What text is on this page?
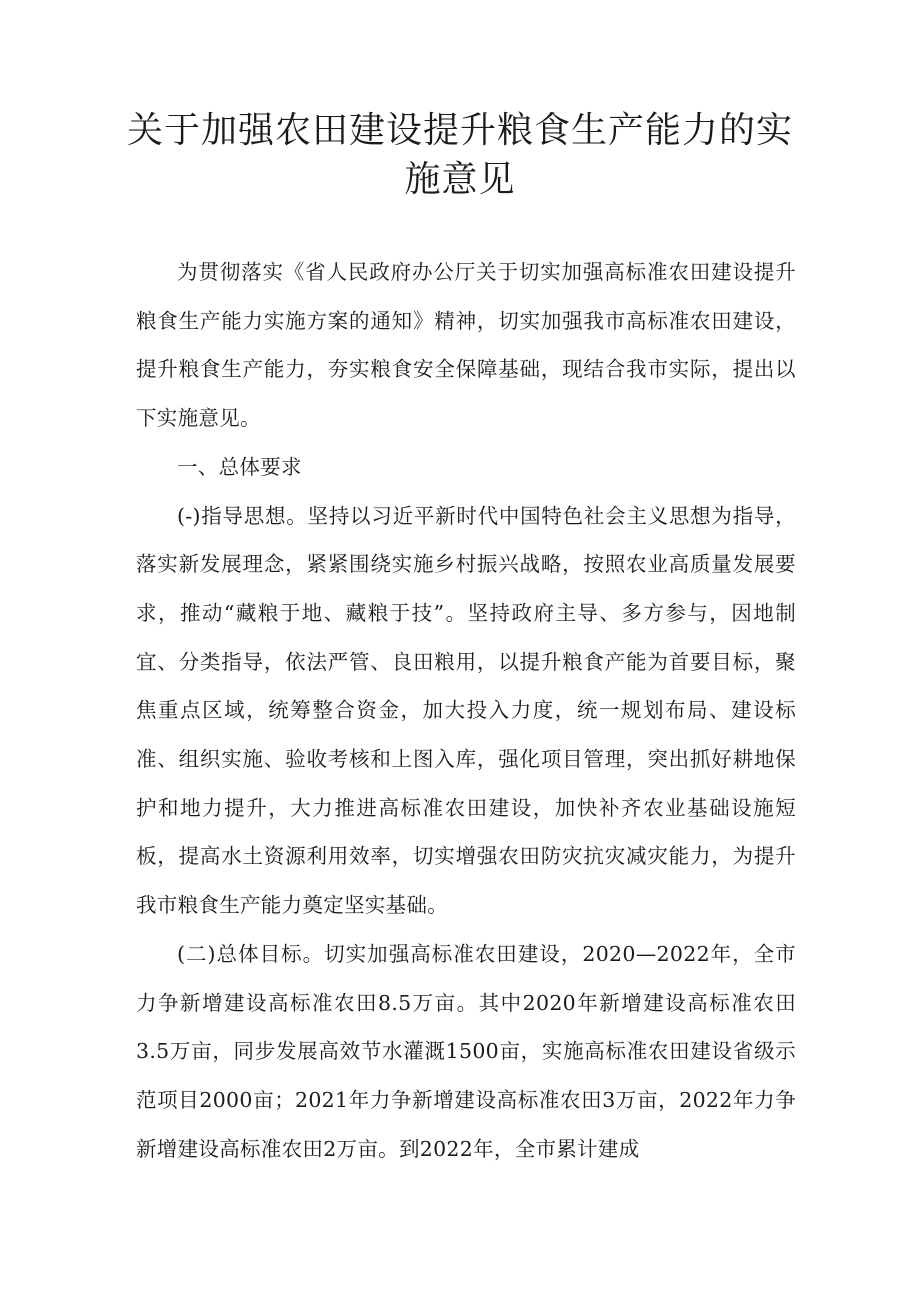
关于加强农田建设提升粮食生产能力的实
施意见

为贯彻落实《省人民政府办公厅关于切实加强高标准农田建设提升粮食生产能力实施方案的通知》精神，切实加强我市高标准农田建设，提升粮食生产能力，夯实粮食安全保障基础，现结合我市实际，提出以下实施意见。

一、总体要求

(-)指导思想。坚持以习近平新时代中国特色社会主义思想为指导，落实新发展理念，紧紧围绕实施乡村振兴战略，按照农业高质量发展要求，推动“藏粮于地、藏粮于技”。坚持政府主导、多方参与，因地制宜、分类指导，依法严管、良田粮用，以提升粮食产能为首要目标，聚焦重点区域，统筹整合资金，加大投入力度，统一规划布局、建设标准、组织实施、验收考核和上图入库，强化项目管理，突出抓好耕地保护和地力提升，大力推进高标准农田建设，加快补齐农业基础设施短板，提高水土资源利用效率，切实增强农田防灾抗灾减灾能力，为提升我市粮食生产能力奠定坚实基础。

(二)总体目标。切实加强高标准农田建设，2020—2022年，全市力争新增建设高标准农田8.5万亩。其中2020年新增建设高标准农田3.5万亩，同步发展高效节水灌溉1500亩，实施高标准农田建设省级示范项目2000亩；2021年力争新增建设高标准农田3万亩，2022年力争新增建设高标准农田2万亩。到2022年，全市累计建成
